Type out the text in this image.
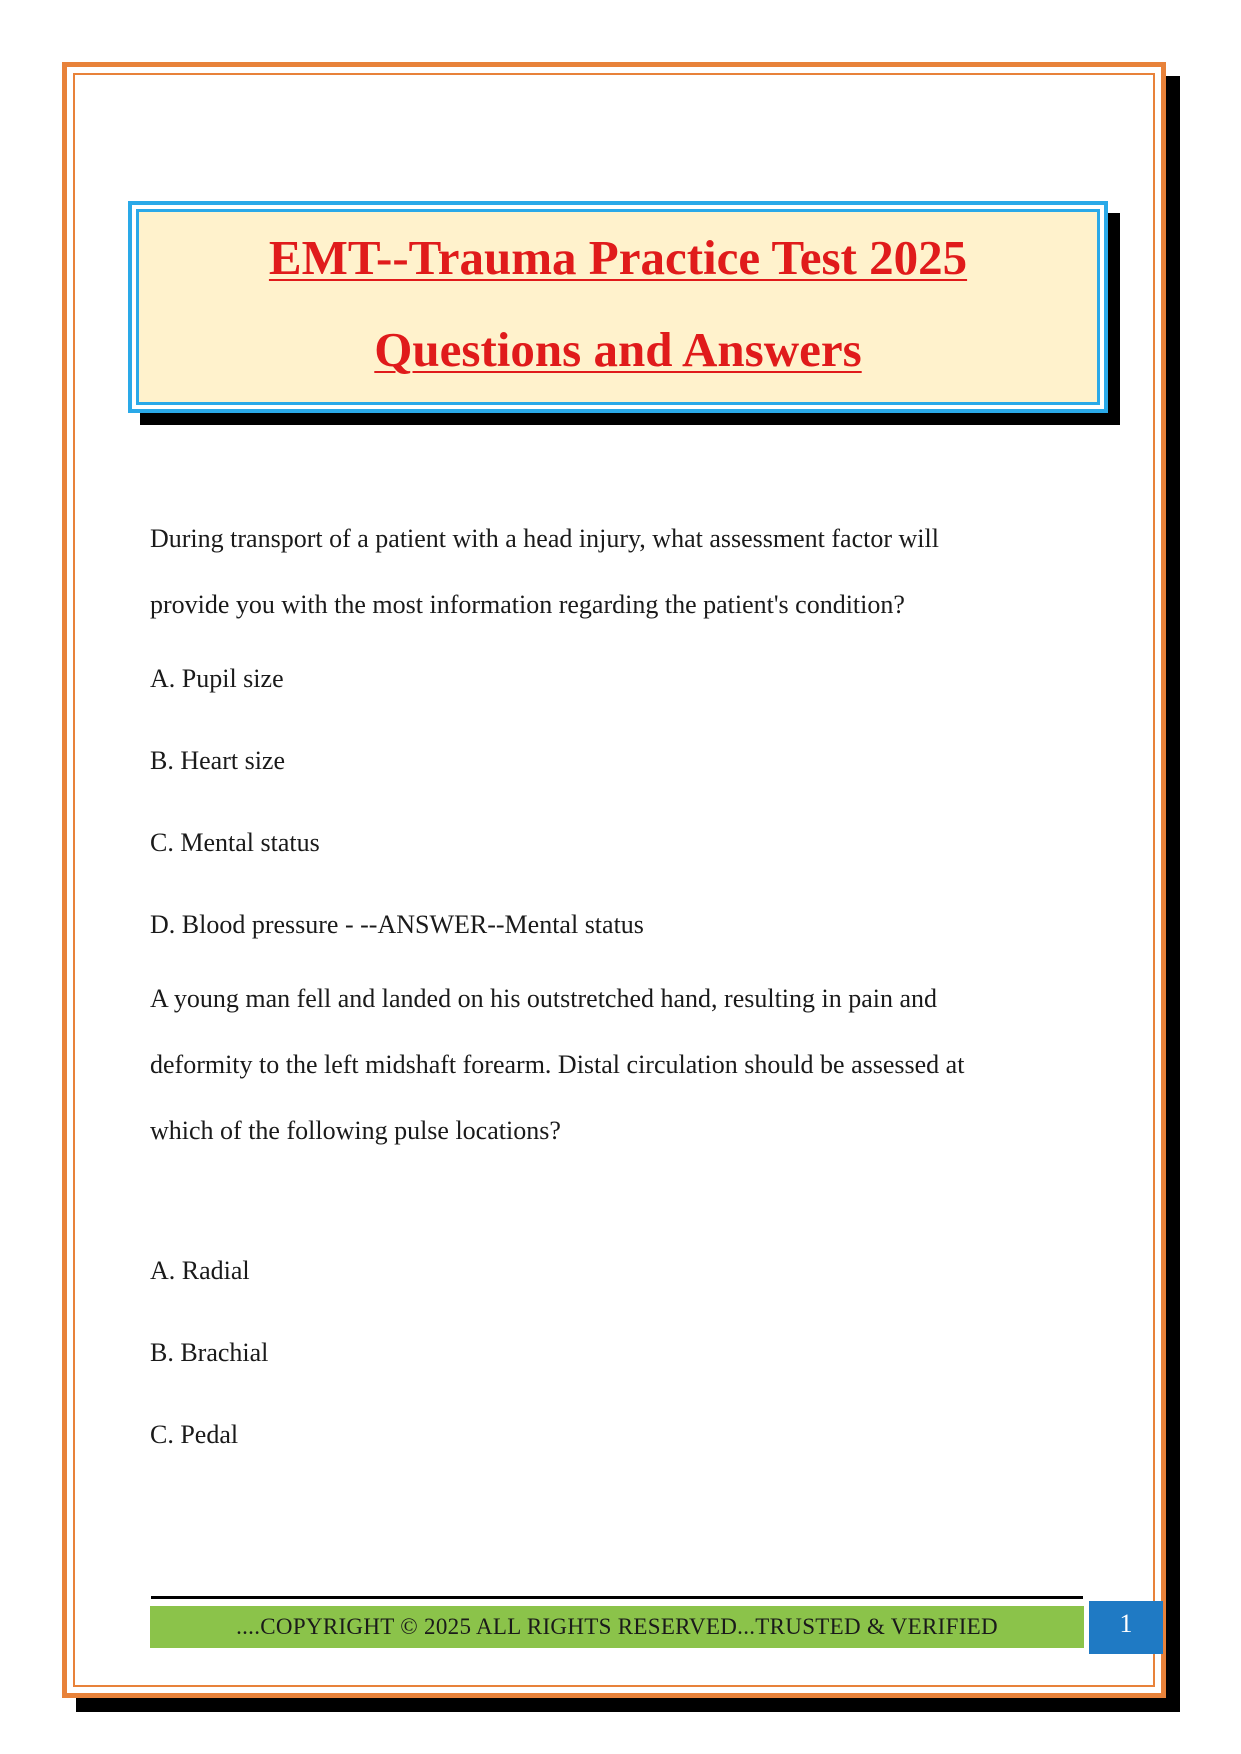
EMT--Trauma Practice Test 2025
Questions and Answers

During transport of a patient with a head injury, what assessment factor will

provide you with the most information regarding the patient's condition?

A. Pupil size

B. Heart size

C. Mental status

D. Blood pressure - --ANSWER--Mental status

A young man fell and landed on his outstretched hand, resulting in pain and

deformity to the left midshaft forearm. Distal circulation should be assessed at

which of the following pulse locations?

A. Radial

B. Brachial

C. Pedal

....COPYRIGHT © 2025 ALL RIGHTS RESERVED...TRUSTED & VERIFIED	1
